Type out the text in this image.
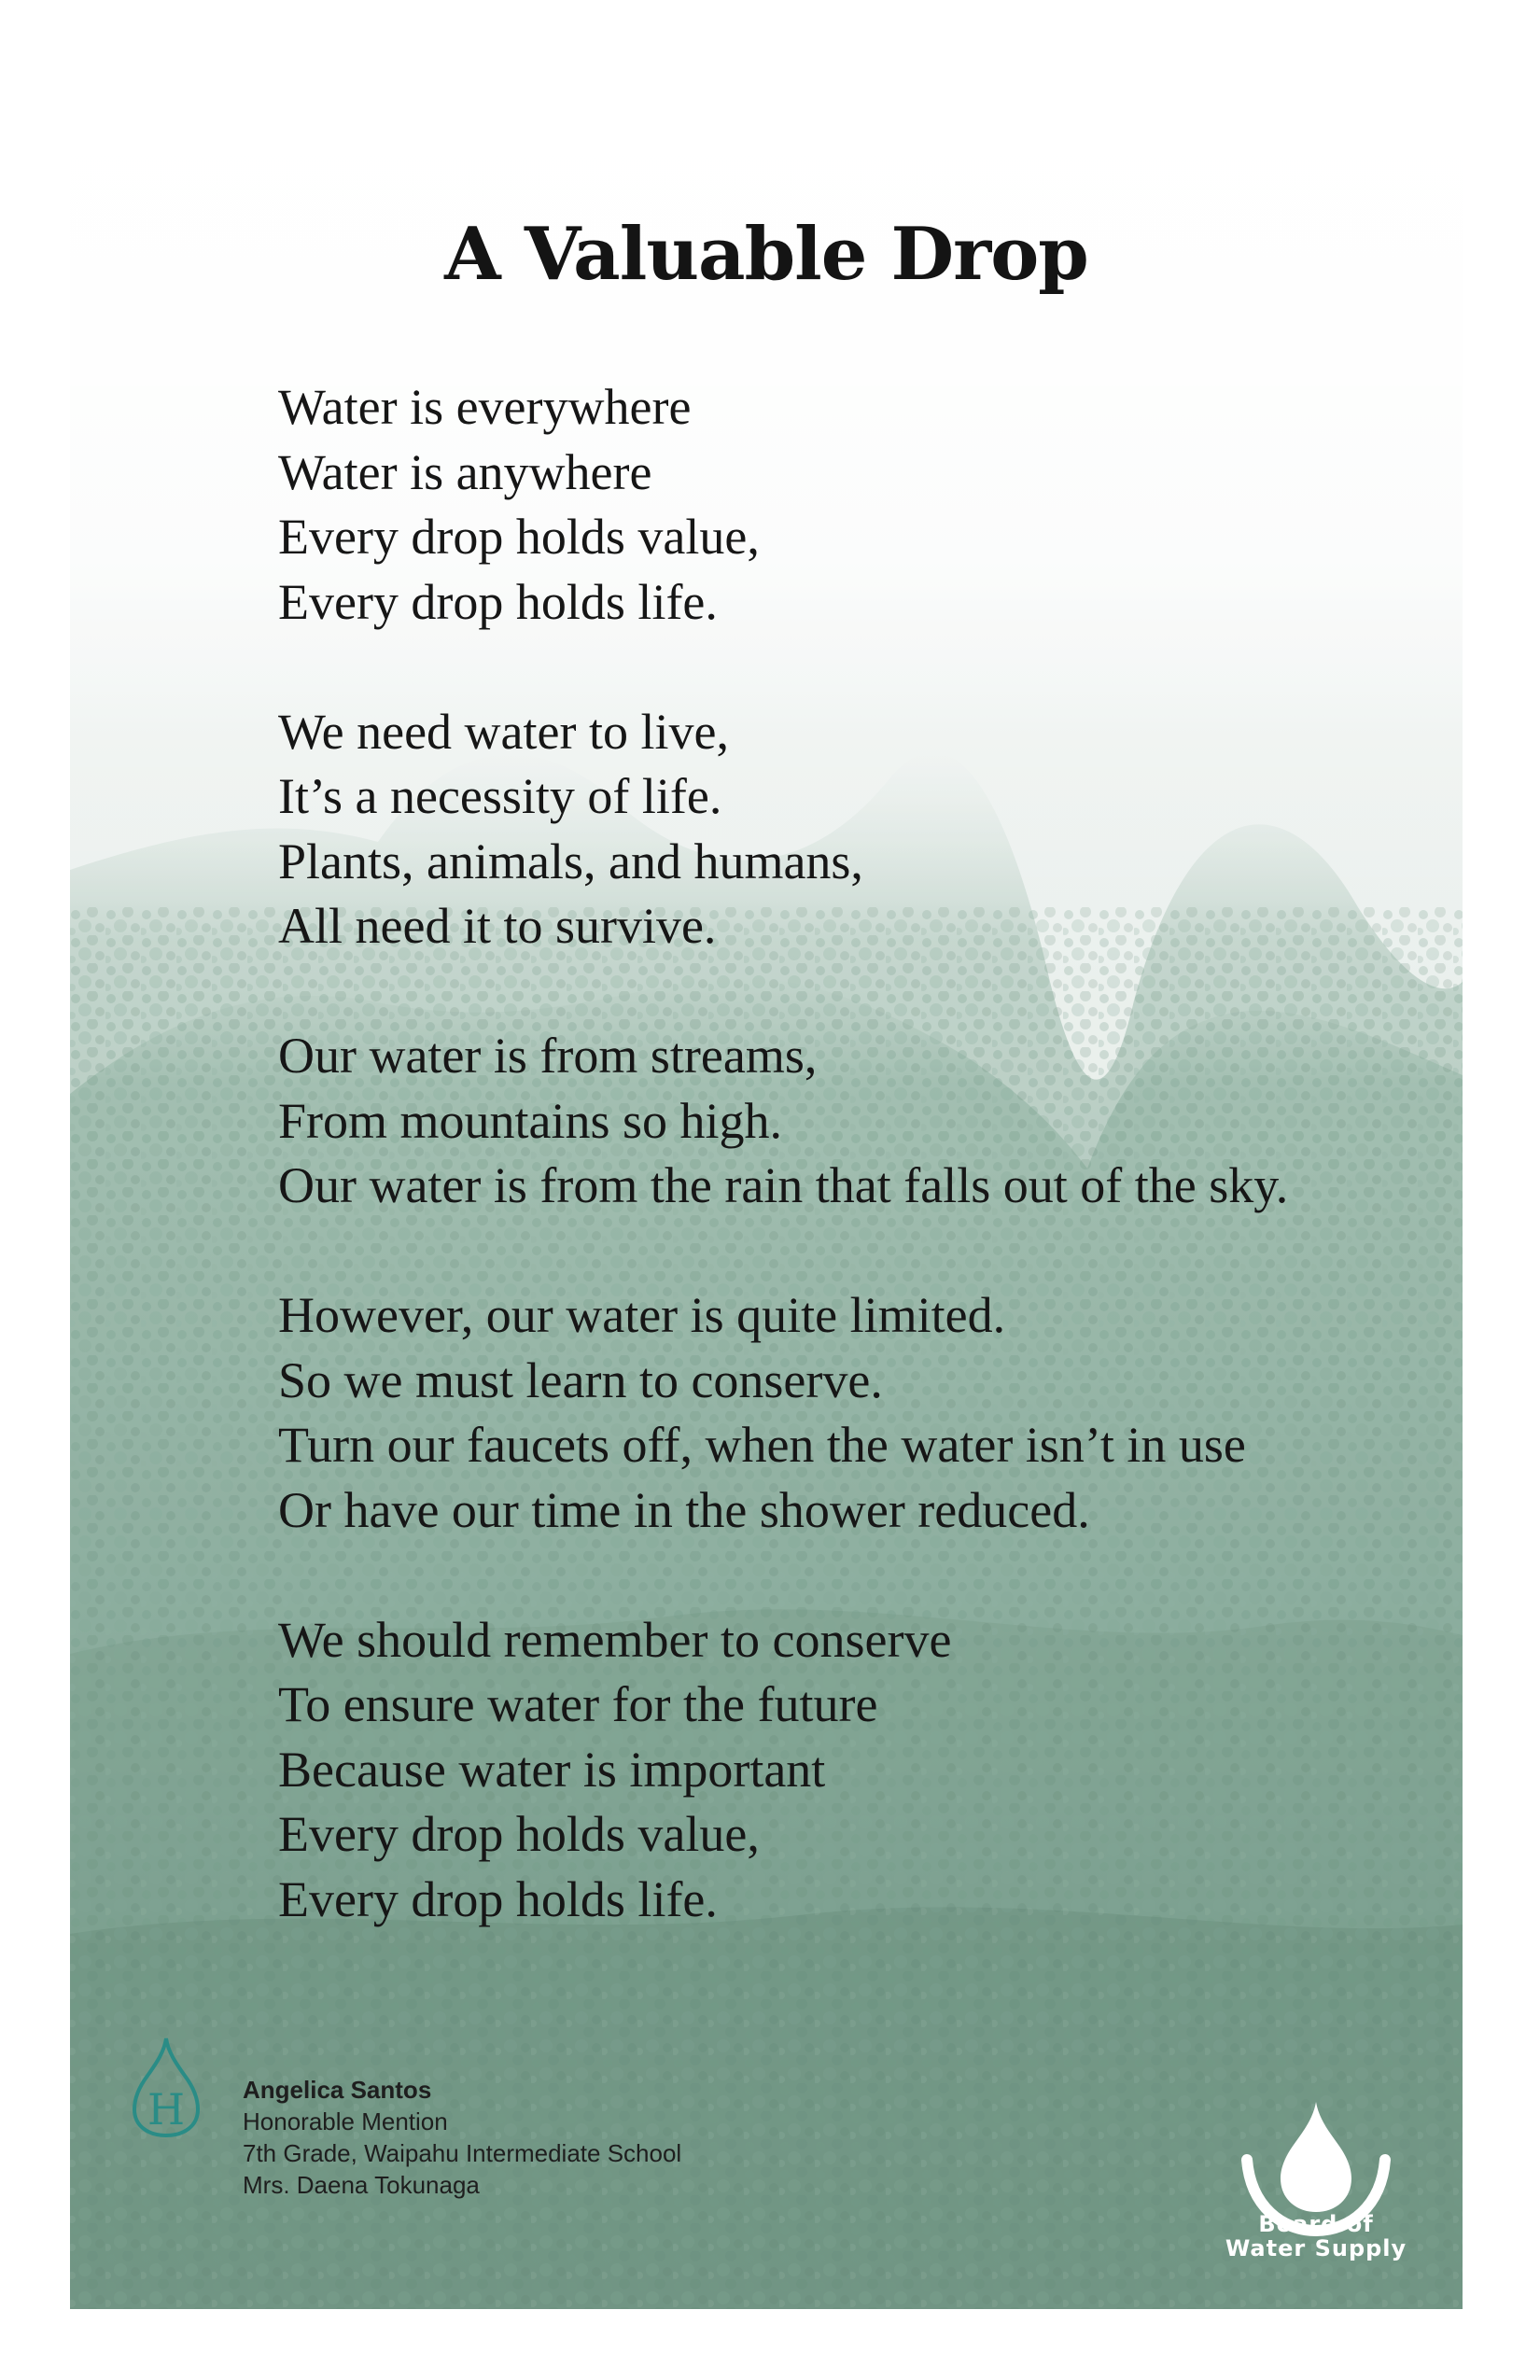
A Valuable Drop
Water is everywhere
Water is anywhere
Every drop holds value,
Every drop holds life.
We need water to live,
It’s a necessity of life.
Plants, animals, and humans,
All need it to survive.
Our water is from streams,
From mountains so high.
Our water is from the rain that falls out of the sky.
However, our water is quite limited.
So we must learn to conserve.
Turn our faucets off, when the water isn’t in use
Or have our time in the shower reduced.
We should remember to conserve
To ensure water for the future
Because water is important
Every drop holds value,
Every drop holds life.
H Angelica Santos
Honorable Mention
7th Grade, Waipahu Intermediate School
Mrs. Daena Tokunaga
Board of
Water Supply
